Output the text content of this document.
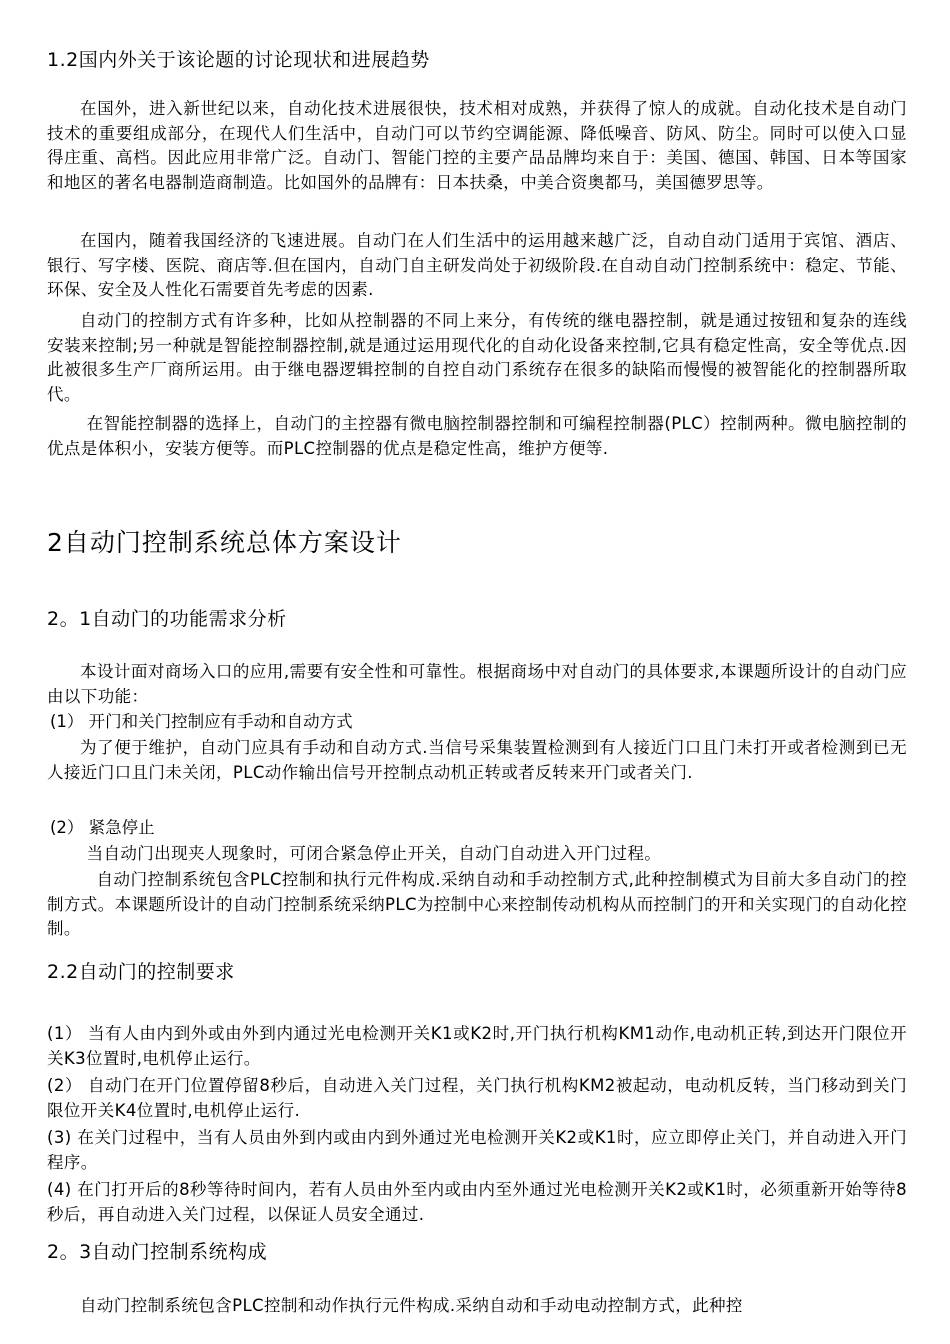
1.2国内外关于该论题的讨论现状和进展趋势

在国外，进入新世纪以来，自动化技术进展很快，技术相对成熟，并获得了惊人的成就。自动化技术是自动门技术的重要组成部分，在现代人们生活中，自动门可以节约空调能源、降低噪音、防风、防尘。同时可以使入口显得庄重、高档。因此应用非常广泛。自动门、智能门控的主要产品品牌均来自于：美国、德国、韩国、日本等国家和地区的著名电器制造商制造。比如国外的品牌有：日本扶桑，中美合资奥都马，美国德罗思等。

在国内，随着我国经济的飞速进展。自动门在人们生活中的运用越来越广泛，自动自动门适用于宾馆、酒店、银行、写字楼、医院、商店等.但在国内，自动门自主研发尚处于初级阶段.在自动自动门控制系统中：稳定、节能、环保、安全及人性化石需要首先考虑的因素.

自动门的控制方式有许多种，比如从控制器的不同上来分，有传统的继电器控制，就是通过按钮和复杂的连线安装来控制;另一种就是智能控制器控制,就是通过运用现代化的自动化设备来控制,它具有稳定性高，安全等优点.因此被很多生产厂商所运用。由于继电器逻辑控制的自控自动门系统存在很多的缺陷而慢慢的被智能化的控制器所取代。

在智能控制器的选择上，自动门的主控器有微电脑控制器控制和可编程控制器(PLC）控制两种。微电脑控制的优点是体积小，安装方便等。而PLC控制器的优点是稳定性高，维护方便等.

2自动门控制系统总体方案设计
2。1自动门的功能需求分析

本设计面对商场入口的应用,需要有安全性和可靠性。根据商场中对自动门的具体要求,本课题所设计的自动门应由以下功能：

(1） 开门和关门控制应有手动和自动方式

为了便于维护，自动门应具有手动和自动方式.当信号采集装置检测到有人接近门口且门未打开或者检测到已无人接近门口且门未关闭，PLC动作输出信号开控制点动机正转或者反转来开门或者关门.

(2） 紧急停止

当自动门出现夹人现象时，可闭合紧急停止开关，自动门自动进入开门过程。

自动门控制系统包含PLC控制和执行元件构成.采纳自动和手动控制方式,此种控制模式为目前大多自动门的控制方式。本课题所设计的自动门控制系统采纳PLC为控制中心来控制传动机构从而控制门的开和关实现门的自动化控制。

2.2自动门的控制要求

(1） 当有人由内到外或由外到内通过光电检测开关K1或K2时,开门执行机构KM1动作,电动机正转,到达开门限位开关K3位置时,电机停止运行。

(2） 自动门在开门位置停留8秒后，自动进入关门过程，关门执行机构KM2被起动，电动机反转，当门移动到关门限位开关K4位置时,电机停止运行.

(3) 在关门过程中，当有人员由外到内或由内到外通过光电检测开关K2或K1时，应立即停止关门，并自动进入开门程序。

(4) 在门打开后的8秒等待时间内，若有人员由外至内或由内至外通过光电检测开关K2或K1时，必须重新开始等待8秒后，再自动进入关门过程，以保证人员安全通过.

2。3自动门控制系统构成

自动门控制系统包含PLC控制和动作执行元件构成.采纳自动和手动电动控制方式，此种控
